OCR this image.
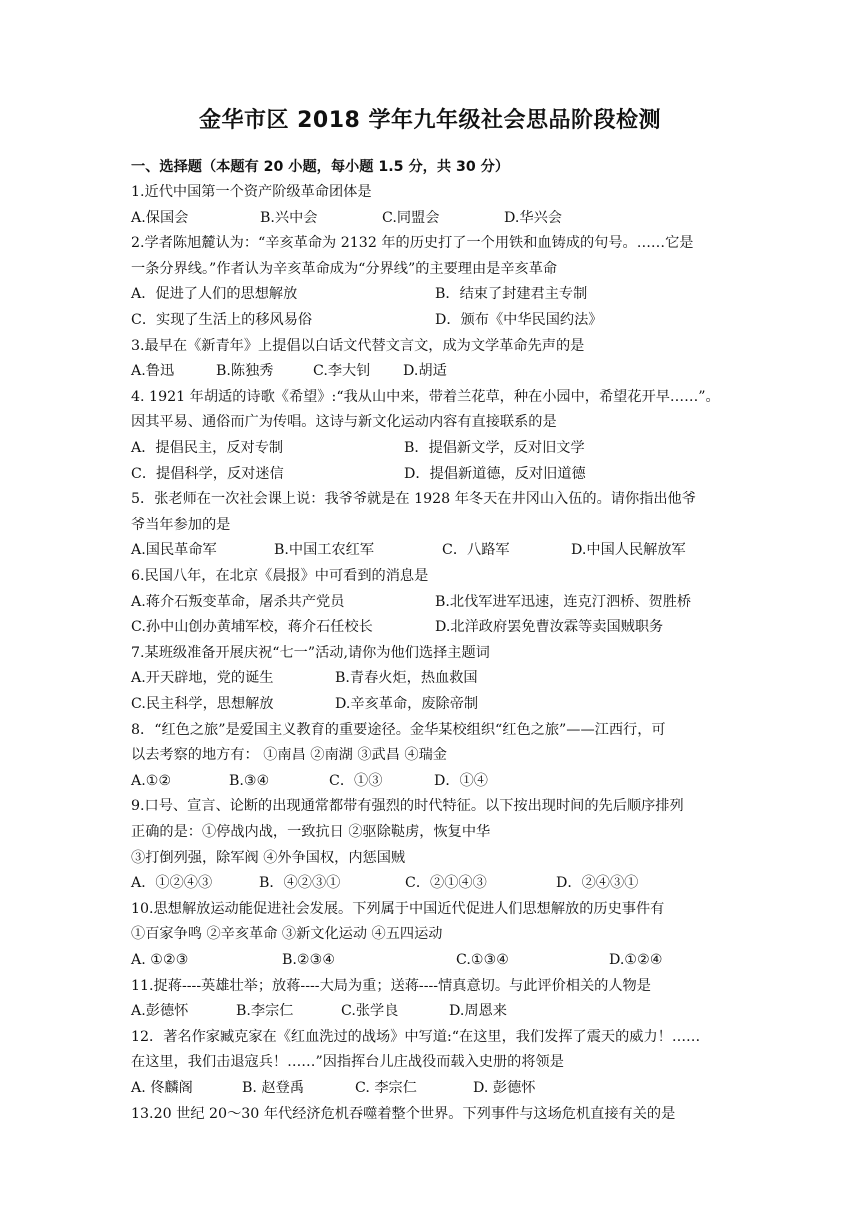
金华市区 2018 学年九年级社会思品阶段检测
一、选择题（本题有 20 小题，每小题 1.5 分，共 30 分）
1.近代中国第一个资产阶级革命团体是
A.保国会	B.兴中会	C.同盟会	D.华兴会
2.学者陈旭麓认为：“辛亥革命为 2132 年的历史打了一个用铁和血铸成的句号。……它是
一条分界线。”作者认为辛亥革命成为“分界线”的主要理由是辛亥革命
A．促进了人们的思想解放	B．结束了封建君主专制
C．实现了生活上的移风易俗	D．颁布《中华民国约法》
3.最早在《新青年》上提倡以白话文代替文言文，成为文学革命先声的是
A.鲁迅	B.陈独秀	C.李大钊 D.胡适
4. 1921 年胡适的诗歌《希望》:“我从山中来，带着兰花草，种在小园中，希望花开早……”。
因其平易、通俗而广为传唱。这诗与新文化运动内容有直接联系的是
A．提倡民主，反对专制	B．提倡新文学，反对旧文学
C．提倡科学，反对迷信	D．提倡新道德，反对旧道德
5．张老师在一次社会课上说：我爷爷就是在 1928 年冬天在井冈山入伍的。请你指出他爷
爷当年参加的是
A.国民革命军	B.中国工农红军	C．八路军	D.中国人民解放军
6.民国八年，在北京《晨报》中可看到的消息是
A.蒋介石叛变革命，屠杀共产党员	B.北伐军进军迅速，连克汀泗桥、贺胜桥
C.孙中山创办黄埔军校，蒋介石任校长	D.北洋政府罢免曹汝霖等卖国贼职务
7.某班级准备开展庆祝“七一”活动,请你为他们选择主题词
A.开天辟地，党的诞生	B.青春火炬，热血救国
C.民主科学，思想解放	D.辛亥革命，废除帝制
8．“红色之旅”是爱国主义教育的重要途径。金华某校组织“红色之旅”——江西行，可
以去考察的地方有： ①南昌 ②南湖 ③武昌 ④瑞金
A.①②	B.③④	C．①③	D．①④
9.口号、宣言、论断的出现通常都带有强烈的时代特征。以下按出现时间的先后顺序排列
正确的是：①停战内战，一致抗日 ②驱除鞑虏，恢复中华
③打倒列强，除军阀 ④外争国权，内惩国贼
A．①②④③	B．④②③①	C．②①④③	D．②④③①
10.思想解放运动能促进社会发展。下列属于中国近代促进人们思想解放的历史事件有
①百家争鸣 ②辛亥革命 ③新文化运动 ④五四运动
A. ①②③	B.②③④	C.①③④	D.①②④
11.捉蒋----英雄壮举；放蒋----大局为重；送蒋----情真意切。与此评价相关的人物是
A.彭德怀	B.李宗仁	C.张学良	D.周恩来
12．著名作家臧克家在《红血洗过的战场》中写道:“在这里，我们发挥了震天的威力！……
在这里，我们击退寇兵！……”因指挥台儿庄战役而载入史册的将领是
A. 佟麟阁	B. 赵登禹	C. 李宗仁	D. 彭德怀
13.20 世纪 20～30 年代经济危机吞噬着整个世界。下列事件与这场危机直接有关的是
